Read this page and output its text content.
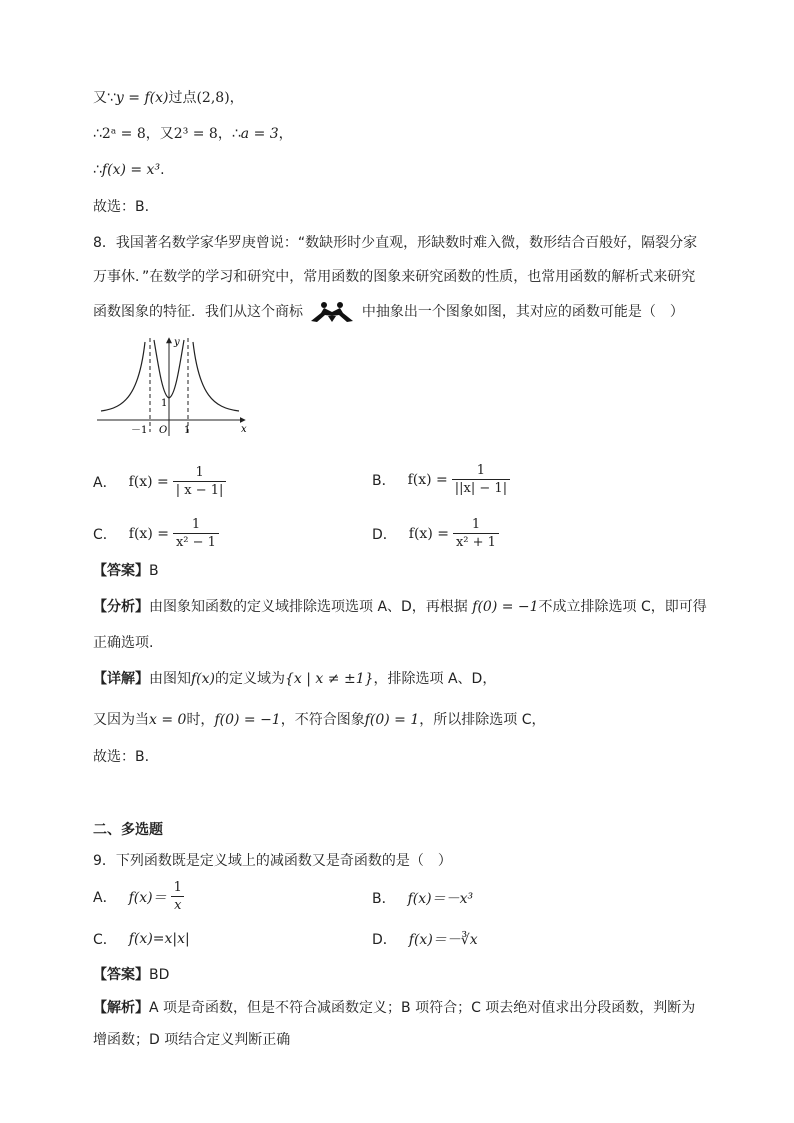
又∵y = f(x)过点(2,8)，
∴2ᵃ = 8，又2³ = 8，∴a = 3，
∴f(x) = x³.
故选：B.
8．我国著名数学家华罗庚曾说：“数缺形时少直观，形缺数时难入微，数形结合百般好，隔裂分家
万事休．”在数学的学习和研究中，常用函数的图象来研究函数的性质，也常用函数的解析式来研究
函数图象的特征．我们从这个商标	中抽象出一个图象如图，其对应的函数可能是（　）
y
x
O
1
－1	1
A． $f(x) = \frac{1}{| x - 1|}$	B． $f(x) = \frac{1}{||x| - 1|}$
C． $f(x) = \frac{1}{\text{x² − 1}}$	D． $f(x) = \frac{1}{\text{x² + 1}}$
【答案】B
【分析】由图象知函数的定义域排除选项选项 A、D，再根据 f(0) = −1不成立排除选项 C，即可得
正确选项.
【详解】由图知f(x)的定义域为{x | x ≠ ±1}，排除选项 A、D，
又因为当x = 0时，f(0) = −1，不符合图象f(0) = 1，所以排除选项 C，
故选：B.
二、多选题
9．下列函数既是定义域上的减函数又是奇函数的是（　）
A． $f(x)= \frac{1}{x}$	B． f(x)＝－x³
C． f(x)=x|x|	D． f(x)＝－∛x
【答案】BD
【解析】A 项是奇函数，但是不符合减函数定义；B 项符合；C 项去绝对值求出分段函数，判断为
增函数；D 项结合定义判断正确
